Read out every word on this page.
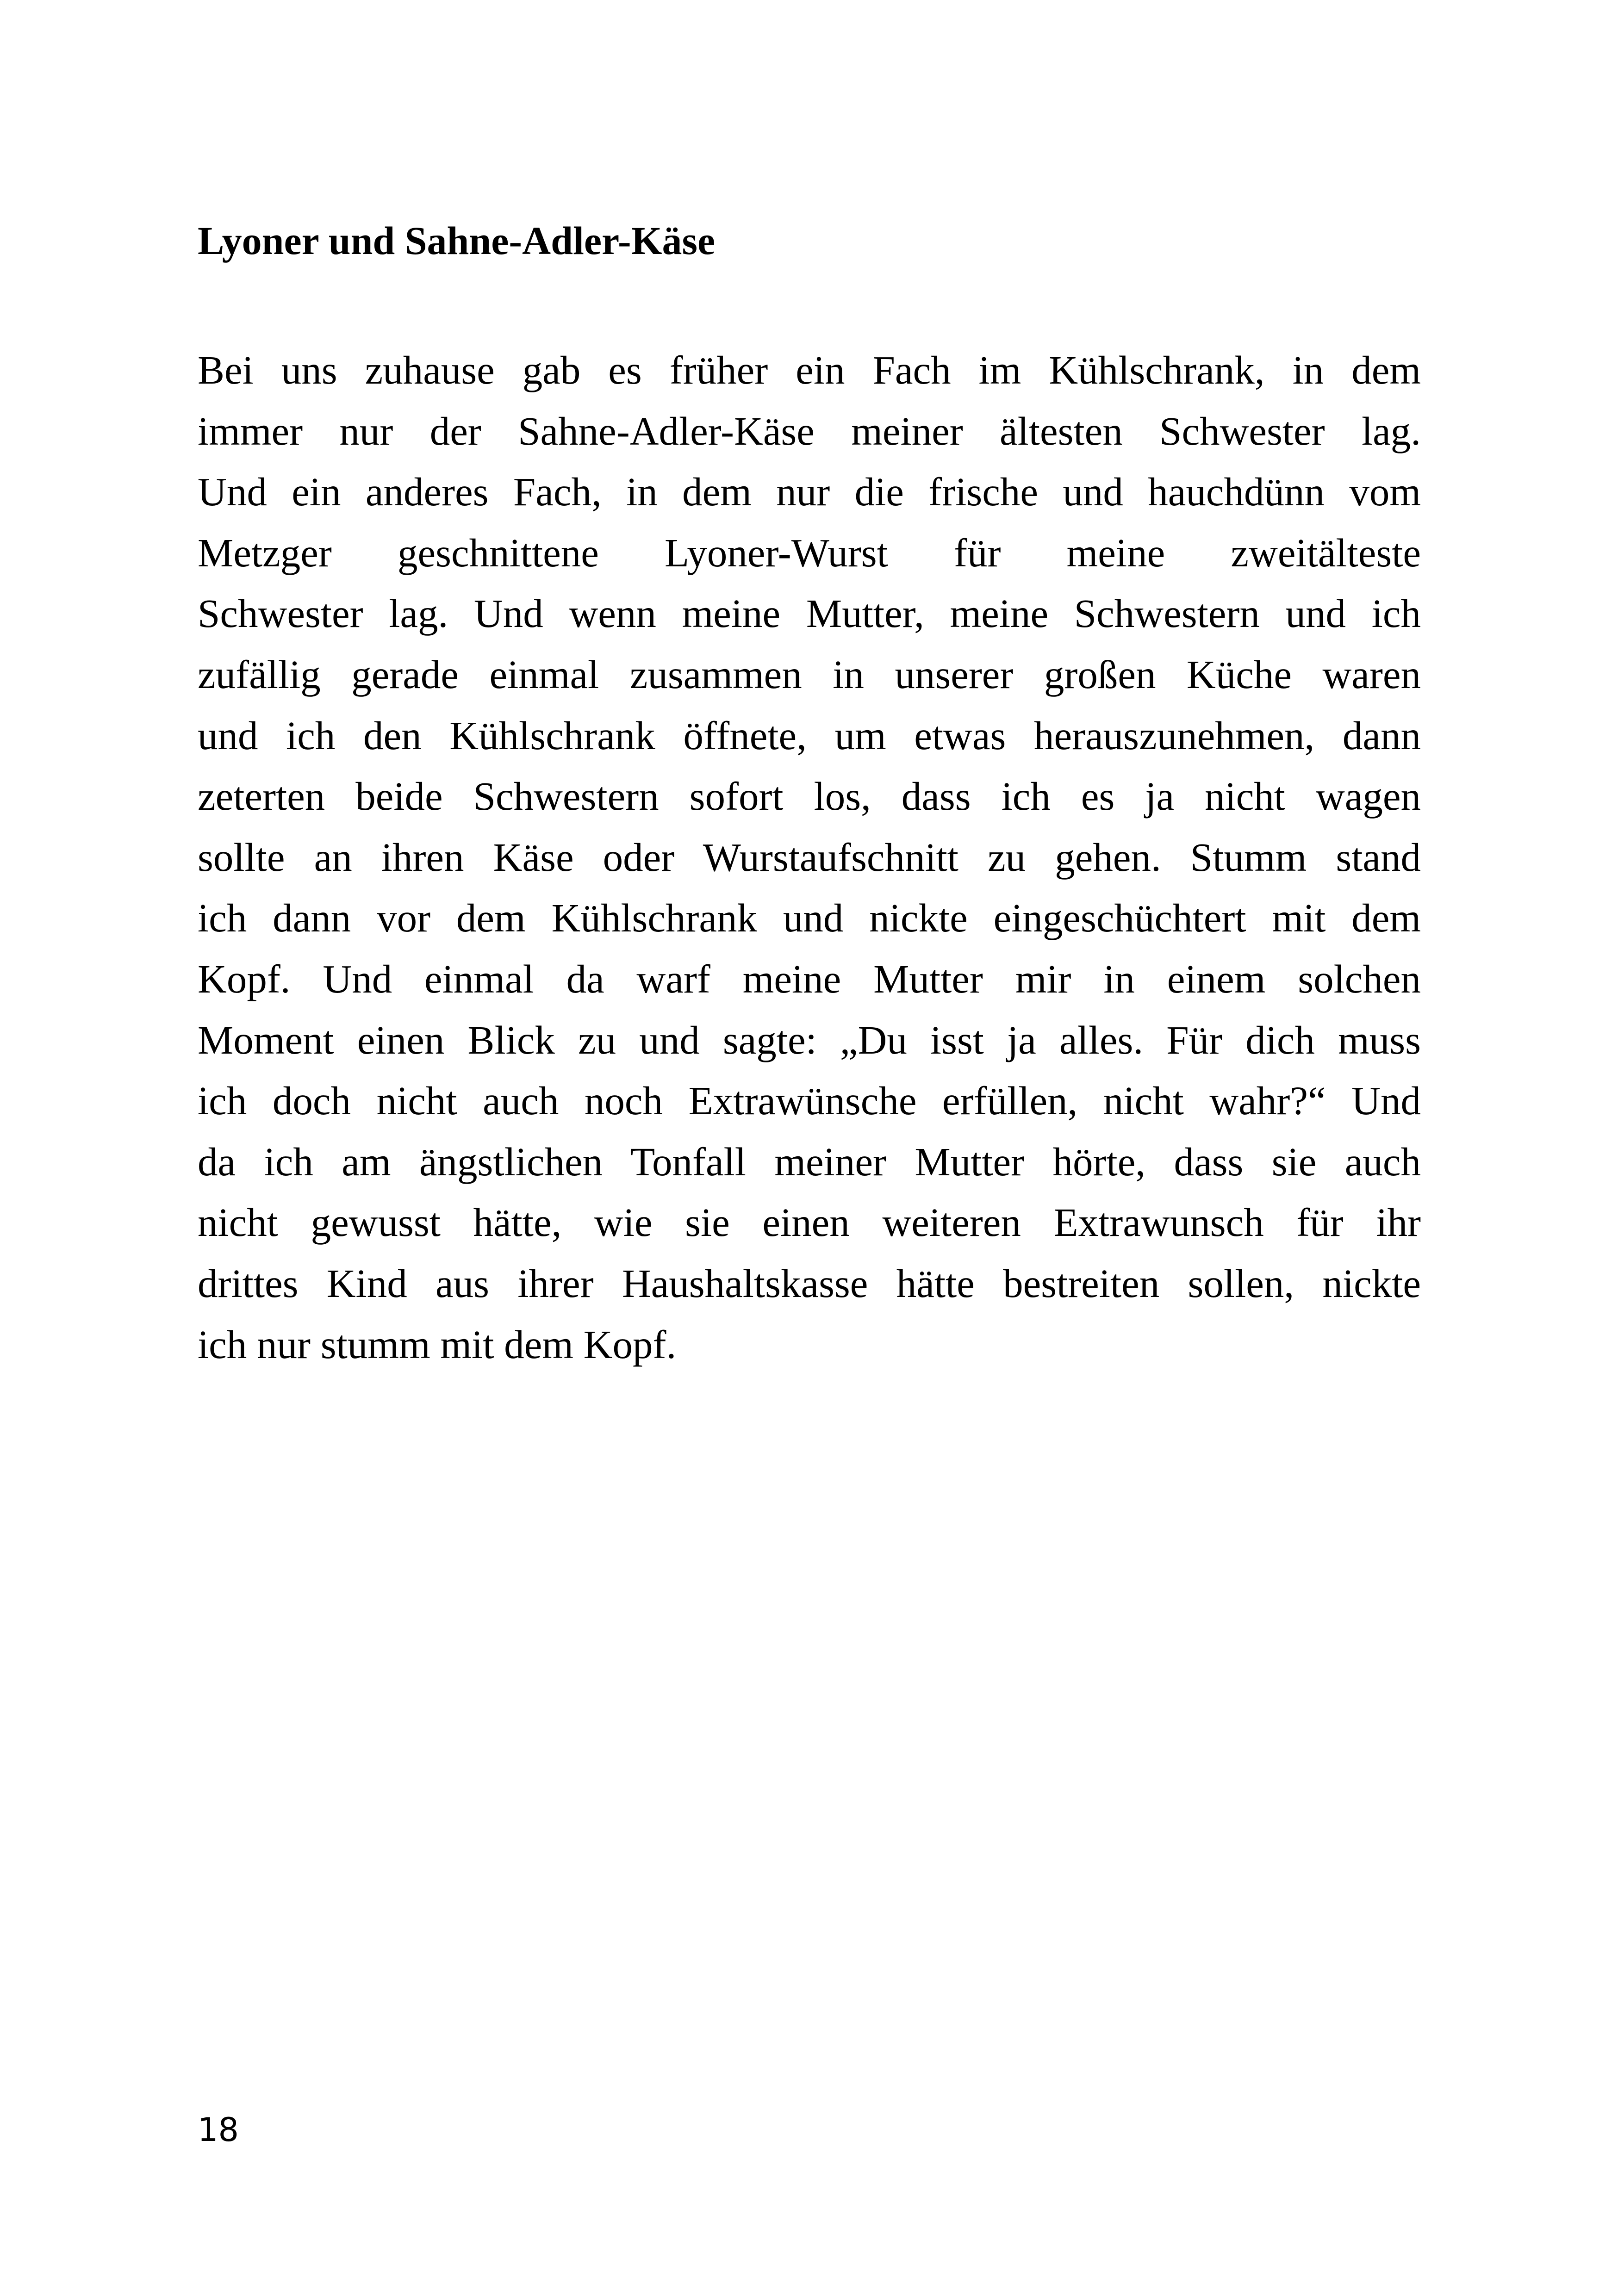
Lyoner und Sahne-Adler-Käse
Bei uns zuhause gab es früher ein Fach im Kühlschrank, in dem
immer nur der Sahne-Adler-Käse meiner ältesten Schwester lag.
Und ein anderes Fach, in dem nur die frische und hauchdünn vom
Metzger geschnittene Lyoner-Wurst für meine zweitälteste
Schwester lag. Und wenn meine Mutter, meine Schwestern und ich
zufällig gerade einmal zusammen in unserer großen Küche waren
und ich den Kühlschrank öffnete, um etwas herauszunehmen, dann
zeterten beide Schwestern sofort los, dass ich es ja nicht wagen
sollte an ihren Käse oder Wurstaufschnitt zu gehen. Stumm stand
ich dann vor dem Kühlschrank und nickte eingeschüchtert mit dem
Kopf. Und einmal da warf meine Mutter mir in einem solchen
Moment einen Blick zu und sagte: „Du isst ja alles. Für dich muss
ich doch nicht auch noch Extrawünsche erfüllen, nicht wahr?“ Und
da ich am ängstlichen Tonfall meiner Mutter hörte, dass sie auch
nicht gewusst hätte, wie sie einen weiteren Extrawunsch für ihr
drittes Kind aus ihrer Haushaltskasse hätte bestreiten sollen, nickte
ich nur stumm mit dem Kopf.
18
